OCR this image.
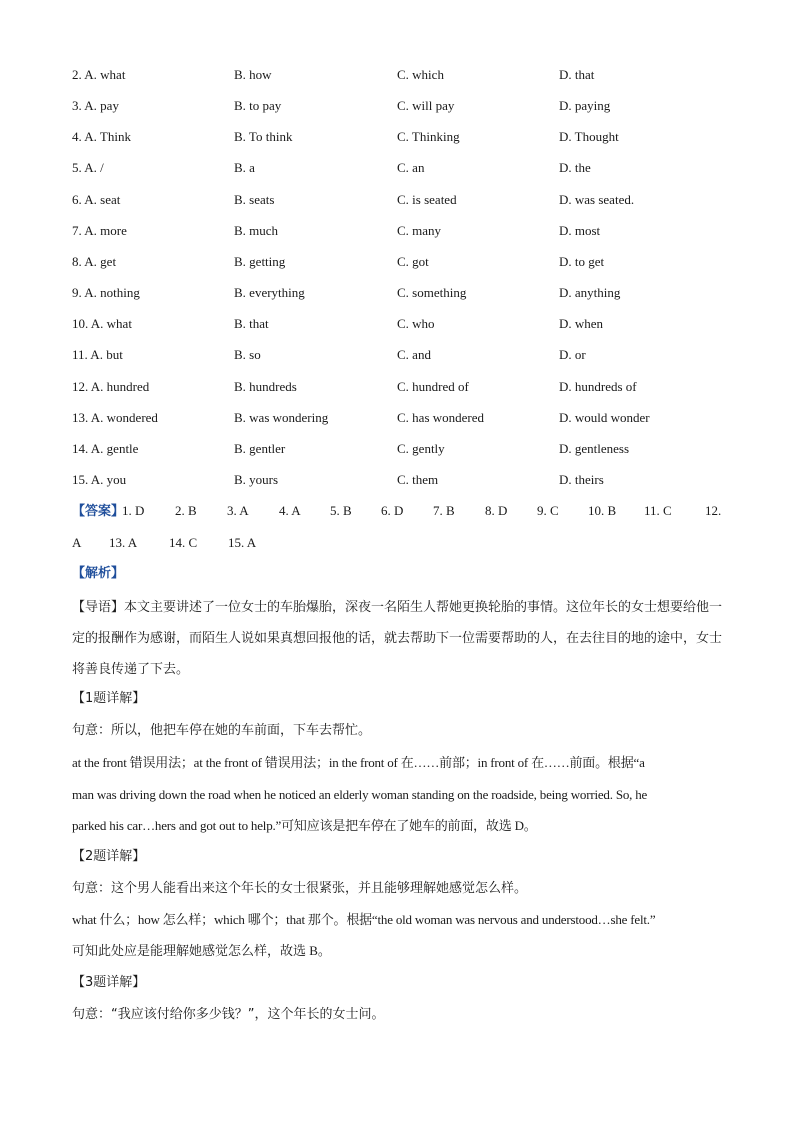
2. A. what	B. how	C. which	D. that
3. A. pay	B. to pay	C. will pay	D. paying
4. A. Think	B. To think	C. Thinking	D. Thought
5. A. /	B. a	C. an	D. the
6. A. seat	B. seats	C. is seated	D. was seated.
7. A. more	B. much	C. many	D. most
8. A. get	B. getting	C. got	D. to get
9. A. nothing	B. everything	C. something	D. anything
10. A. what	B. that	C. who	D. when
11. A. but	B. so	C. and	D. or
12. A. hundred	B. hundreds	C. hundred of	D. hundreds of
13. A. wondered	B. was wondering	C. has wondered	D. would wonder
14. A. gentle	B. gentler	C. gently	D. gentleness
15. A. you	B. yours	C. them	D. theirs
【答案】
1. D 2. B 3. A 4. A 5. B 6. D 7. B 8. D 9. C 10. B 11. C	12.
A 13. A 14. C 15. A
【解析】
【导语】本文主要讲述了一位女士的车胎爆胎，深夜一名陌生人帮她更换轮胎的事情。这位年长的女士想要给他一定的报酬作为感谢，而陌生人说如果真想回报他的话，就去帮助下一位需要帮助的人，在去往目的地的途中，女士将善良传递了下去。
【1题详解】
句意：所以，他把车停在她的车前面，下车去帮忙。
at the front 错误用法；at the front of 错误用法；in the front of 在……前部；in front of 在……前面。根据“a
man was driving down the road when he noticed an elderly woman standing on the roadside, being worried. So, he
parked his car…hers and got out to help.”可知应该是把车停在了她车的前面，故选 D。
【2题详解】
句意：这个男人能看出来这个年长的女士很紧张，并且能够理解她感觉怎么样。
what 什么；how 怎么样；which 哪个；that 那个。根据“the old woman was nervous and understood…she felt.”
可知此处应是能理解她感觉怎么样，故选 B。
【3题详解】
句意：“我应该付给你多少钱？”，这个年长的女士问。
